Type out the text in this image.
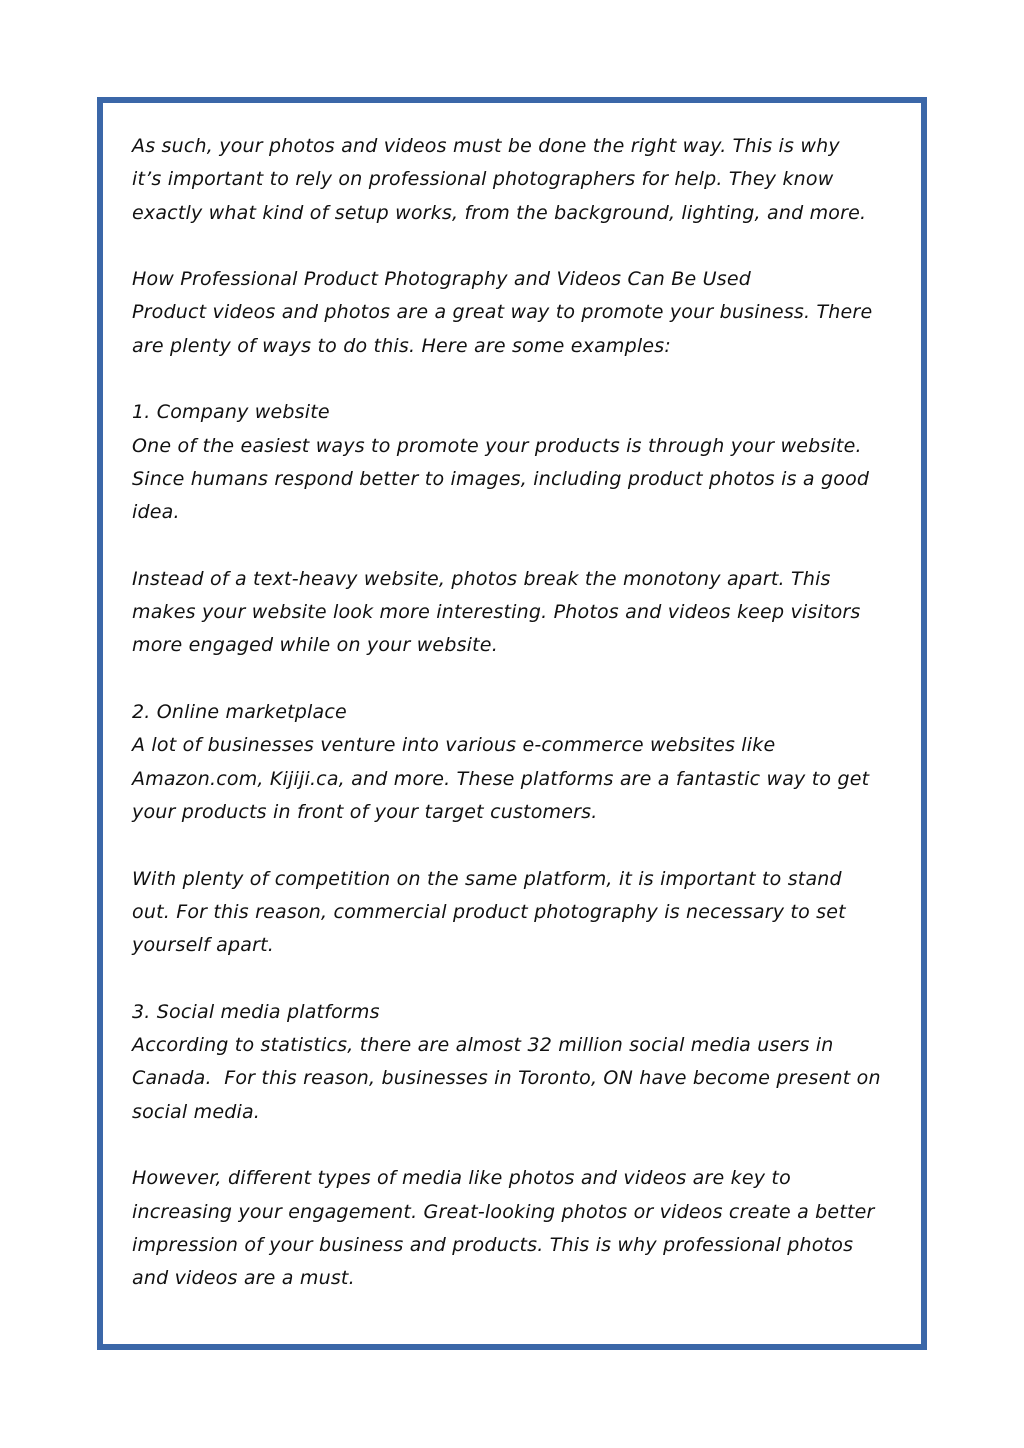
As such, your photos and videos must be done the right way. This is why
it’s important to rely on professional photographers for help. They know
exactly what kind of setup works, from the background, lighting, and more.
How Professional Product Photography and Videos Can Be Used
Product videos and photos are a great way to promote your business. There
are plenty of ways to do this. Here are some examples:
1. Company website
One of the easiest ways to promote your products is through your website.
Since humans respond better to images, including product photos is a good
idea.
Instead of a text-heavy website, photos break the monotony apart. This
makes your website look more interesting. Photos and videos keep visitors
more engaged while on your website.
2. Online marketplace
A lot of businesses venture into various e-commerce websites like
Amazon.com, Kijiji.ca, and more. These platforms are a fantastic way to get
your products in front of your target customers.
With plenty of competition on the same platform, it is important to stand
out. For this reason, commercial product photography is necessary to set
yourself apart.
3. Social media platforms
According to statistics, there are almost 32 million social media users in
Canada.  For this reason, businesses in Toronto, ON have become present on
social media.
However, different types of media like photos and videos are key to
increasing your engagement. Great-looking photos or videos create a better
impression of your business and products. This is why professional photos
and videos are a must.
